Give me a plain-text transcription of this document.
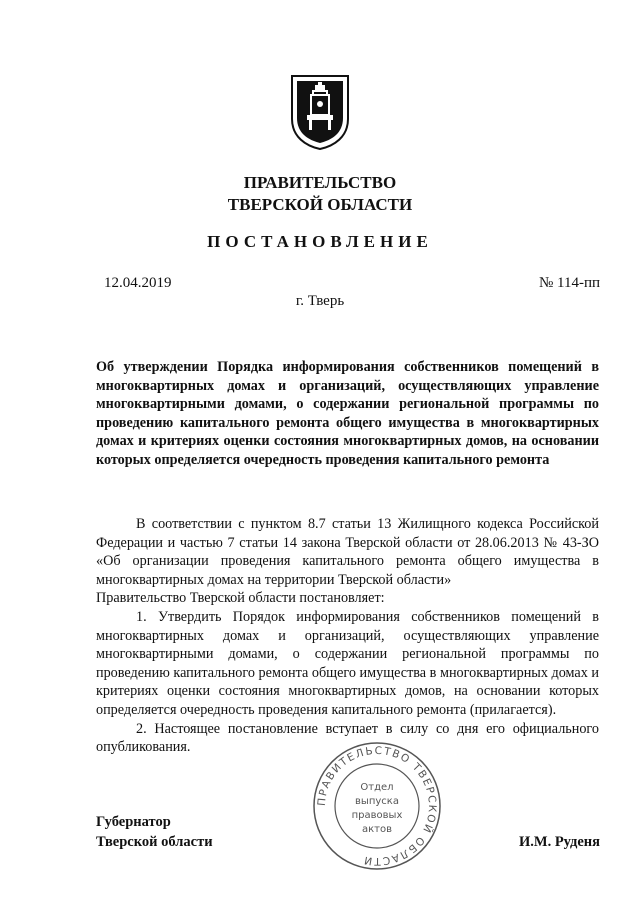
ПРАВИТЕЛЬСТВО
ТВЕРСКОЙ ОБЛАСТИ
ПОСТАНОВЛЕНИЕ
12.04.2019	№ 114-пп
г. Тверь
Об утверждении Порядка информирования собственников помещений в многоквартирных домах и организаций, осуществляющих управление многоквартирными домами, о содержании региональной программы по проведению капитального ремонта общего имущества в многоквартирных домах и критериях оценки состояния многоквартирных домов, на основании которых определяется очередность проведения капитального ремонта

В соответствии с пунктом 8.7 статьи 13 Жилищного кодекса Российской Федерации и частью 7 статьи 14 закона Тверской области от 28.06.2013 № 43-ЗО «Об организации проведения капитального ремонта общего имущества в многоквартирных домах на территории Тверской области»

Правительство Тверской области постановляет:

1. Утвердить Порядок информирования собственников помещений в многоквартирных домах и организаций, осуществляющих управление многоквартирными домами, о содержании региональной программы по проведению капитального ремонта общего имущества в многоквартирных домах и критериях оценки состояния многоквартирных домов, на основании которых определяется очередность проведения капитального ремонта (прилагается).

2. Настоящее постановление вступает в силу со дня его официального опубликования.

ПРАВИТЕЛЬСТВО ТВЕРСКОЙ ОБЛАСТИ
Отдел
выпуска
правовых
актов
Губернатор
Тверской области	И.М. Руденя
